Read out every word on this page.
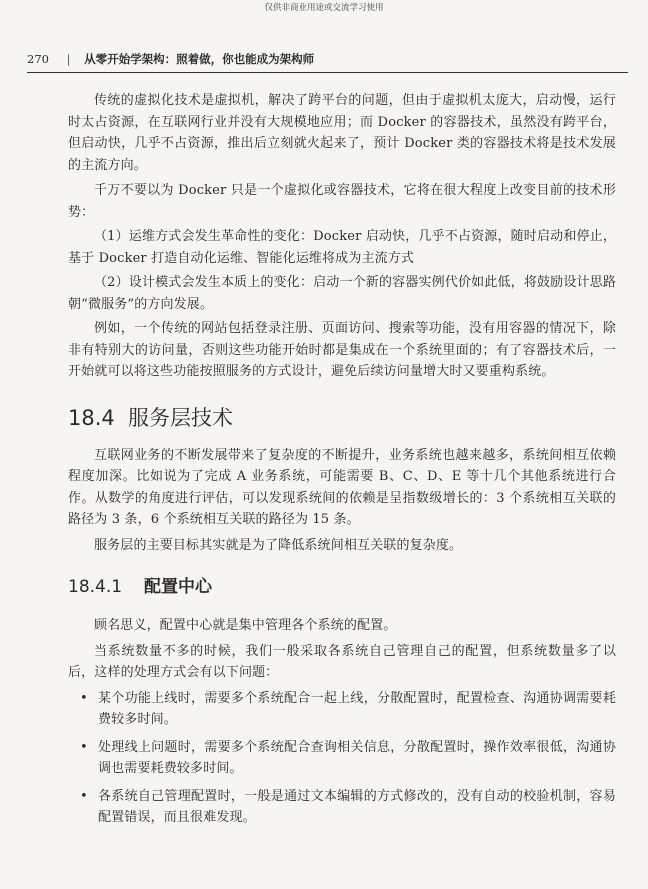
仅供非商业用途或交流学习使用
270 | 从零开始学架构：照着做，你也能成为架构师

传统的虚拟化技术是虚拟机，解决了跨平台的问题，但由于虚拟机太庞大，启动慢，运行时太占资源，在互联网行业并没有大规模地应用；而 Docker 的容器技术，虽然没有跨平台，但启动快，几乎不占资源，推出后立刻就火起来了，预计 Docker 类的容器技术将是技术发展的主流方向。

千万不要以为 Docker 只是一个虚拟化或容器技术，它将在很大程度上改变目前的技术形势：

（1）运维方式会发生革命性的变化：Docker 启动快，几乎不占资源，随时启动和停止，基于 Docker 打造自动化运维、智能化运维将成为主流方式

（2）设计模式会发生本质上的变化：启动一个新的容器实例代价如此低，将鼓励设计思路朝“微服务”的方向发展。

例如，一个传统的网站包括登录注册、页面访问、搜索等功能，没有用容器的情况下，除非有特别大的访问量，否则这些功能开始时都是集成在一个系统里面的；有了容器技术后，一开始就可以将这些功能按照服务的方式设计，避免后续访问量增大时又要重构系统。

18.4 服务层技术

互联网业务的不断发展带来了复杂度的不断提升，业务系统也越来越多，系统间相互依赖程度加深。比如说为了完成 A 业务系统，可能需要 B、C、D、E 等十几个其他系统进行合作。从数学的角度进行评估，可以发现系统间的依赖是呈指数级增长的：3 个系统相互关联的路径为 3 条，6 个系统相互关联的路径为 15 条。

服务层的主要目标其实就是为了降低系统间相互关联的复杂度。

18.4.1 配置中心

顾名思义，配置中心就是集中管理各个系统的配置。

当系统数量不多的时候，我们一般采取各系统自己管理自己的配置，但系统数量多了以后，这样的处理方式会有以下问题：

• 某个功能上线时，需要多个系统配合一起上线，分散配置时，配置检查、沟通协调需要耗费较多时间。
• 处理线上问题时，需要多个系统配合查询相关信息，分散配置时，操作效率很低，沟通协调也需要耗费较多时间。
• 各系统自己管理配置时，一般是通过文本编辑的方式修改的，没有自动的校验机制，容易配置错误，而且很难发现。
